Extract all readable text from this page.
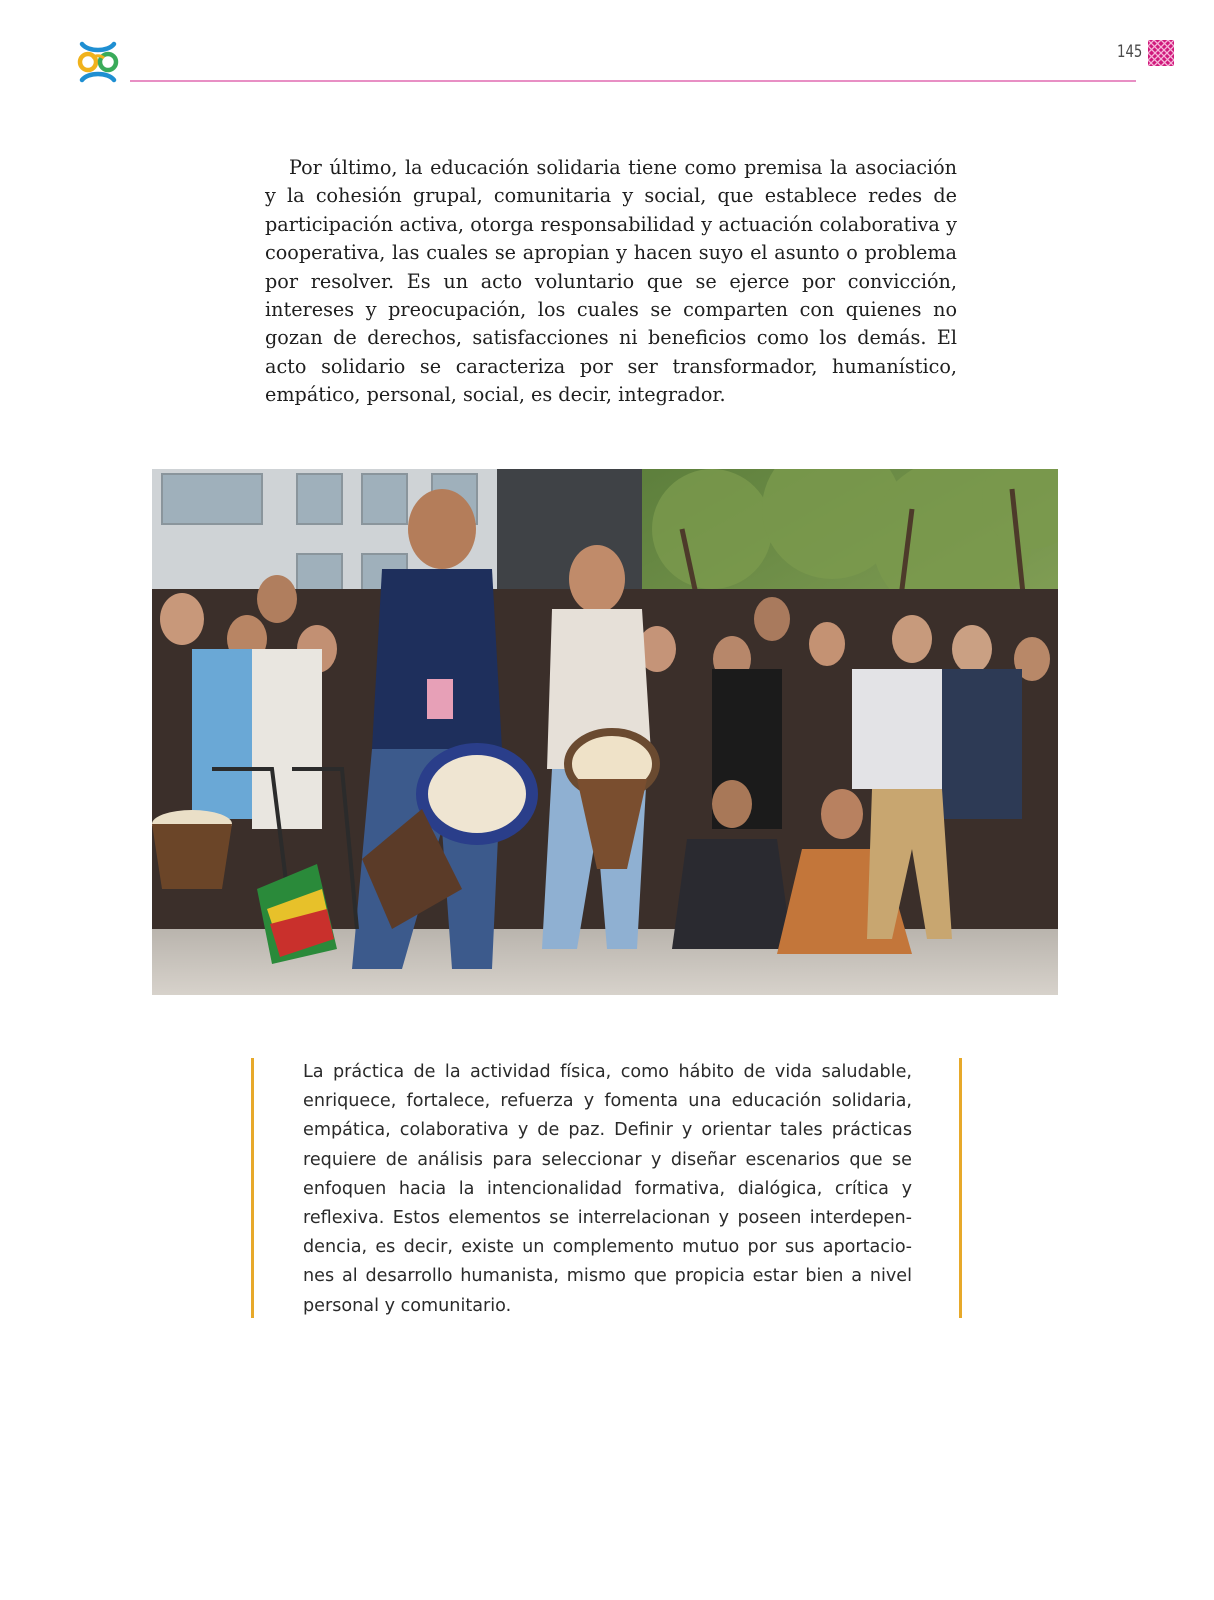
145

Por último, la educación solidaria tiene como premisa la asociación y la cohesión grupal, comunitaria y social, que establece redes de participación activa, otorga responsabilidad y actuación colaborativa y cooperativa, las cuales se apropian y hacen suyo el asunto o problema por resolver. Es un acto voluntario que se ejerce por convicción, intereses y preocupación, los cuales se comparten con quienes no gozan de derechos, satisfacciones ni beneficios como los demás. El acto solidario se caracteriza por ser transformador, humanístico, empático, personal, social, es decir, integrador.

La práctica de la actividad física, como hábito de vida saludable, enriquece, fortalece, refuerza y fomenta una educación solidaria, empática, colaborativa y de paz. Definir y orientar tales prácticas requiere de análisis para seleccionar y diseñar escenarios que se enfoquen hacia la intencionalidad formativa, dialógica, crítica y reflexiva. Estos elementos se interrelacionan y poseen interdependencia, es decir, existe un complemento mutuo por sus aportaciones al desarrollo humanista, mismo que propicia estar bien a nivel personal y comunitario.
